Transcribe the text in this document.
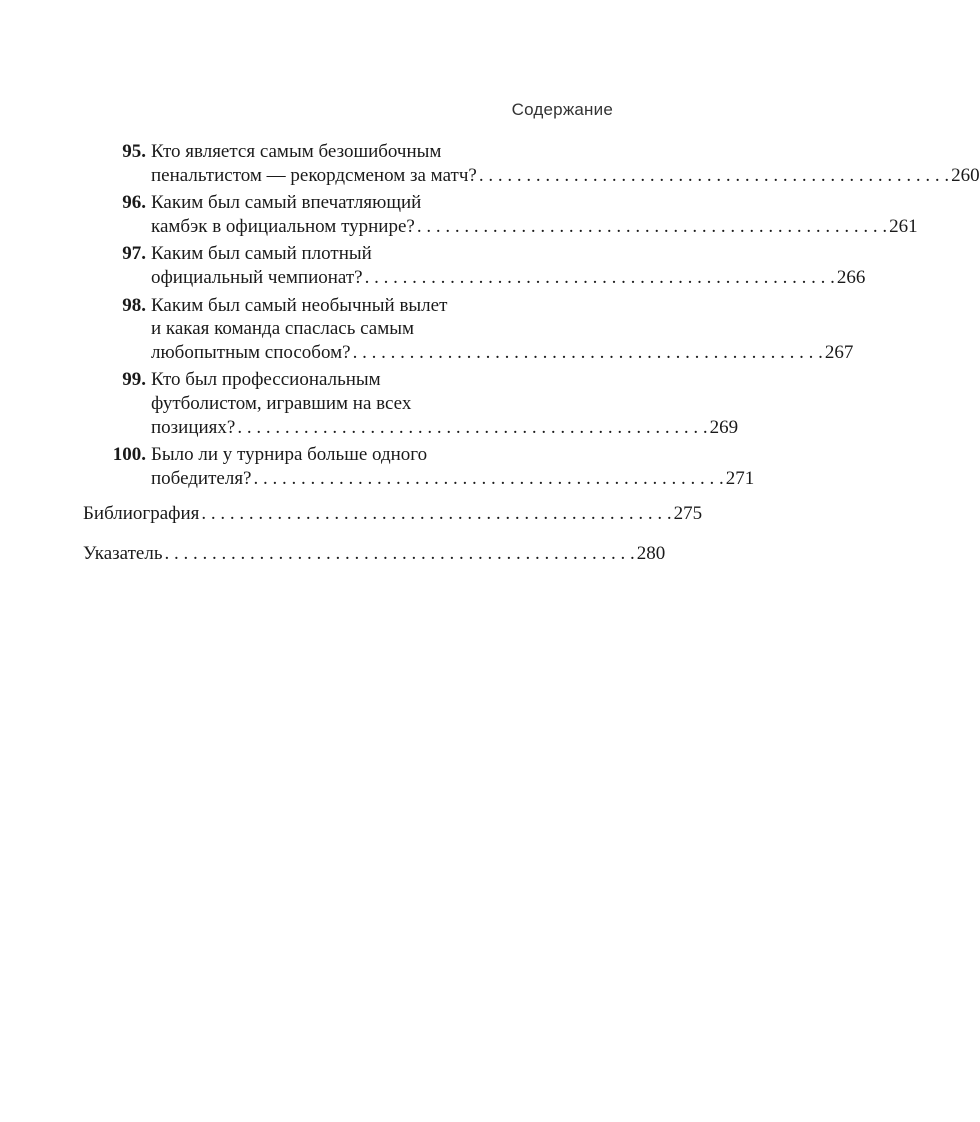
Содержание
95. Кто является самым безошибочным
пенальтистом — рекордсменом за матч? . . . . . . . . . . . . . . . . . . . . . . . . . . . . . . . . . . . . . . . . . . . . . . . . . . 260
96. Каким был самый впечатляющий
камбэк в официальном турнире? . . . . . . . . . . . . . . . . . . . . . . . . . . . . . . . . . . . . . . . . . . . . . . . . . . 261
97. Каким был самый плотный
официальный чемпионат? . . . . . . . . . . . . . . . . . . . . . . . . . . . . . . . . . . . . . . . . . . . . . . . . . . 266
98. Каким был самый необычный вылет
и какая команда спаслась самым
любопытным способом? . . . . . . . . . . . . . . . . . . . . . . . . . . . . . . . . . . . . . . . . . . . . . . . . . . 267
99. Кто был профессиональным
футболистом, игравшим на всех
позициях? . . . . . . . . . . . . . . . . . . . . . . . . . . . . . . . . . . . . . . . . . . . . . . . . . . 269
100. Было ли у турнира больше одного
победителя? . . . . . . . . . . . . . . . . . . . . . . . . . . . . . . . . . . . . . . . . . . . . . . . . . . 271
Библиография . . . . . . . . . . . . . . . . . . . . . . . . . . . . . . . . . . . . . . . . . . . . . . . . . . 275
Указатель . . . . . . . . . . . . . . . . . . . . . . . . . . . . . . . . . . . . . . . . . . . . . . . . . . 280
